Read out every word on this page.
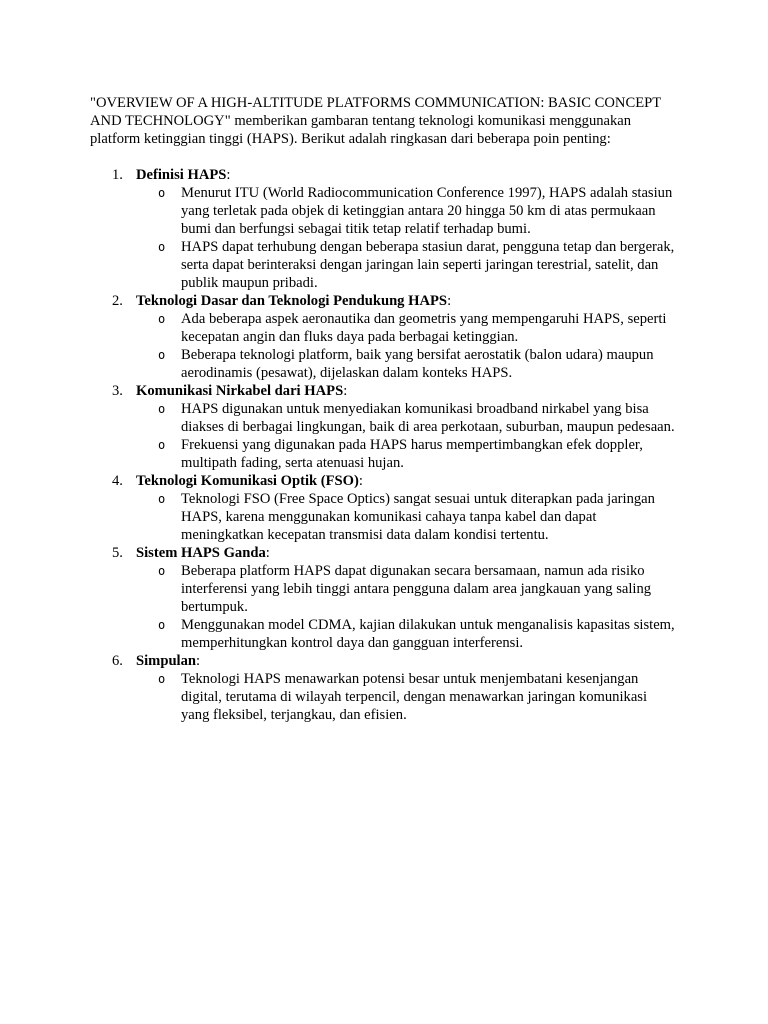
"OVERVIEW OF A HIGH-ALTITUDE PLATFORMS COMMUNICATION: BASIC CONCEPT AND TECHNOLOGY" memberikan gambaran tentang teknologi komunikasi menggunakan platform ketinggian tinggi (HAPS). Berikut adalah ringkasan dari beberapa poin penting:

1. Definisi HAPS:
o Menurut ITU (World Radiocommunication Conference 1997), HAPS adalah stasiun yang terletak pada objek di ketinggian antara 20 hingga 50 km di atas permukaan bumi dan berfungsi sebagai titik tetap relatif terhadap bumi.
o HAPS dapat terhubung dengan beberapa stasiun darat, pengguna tetap dan bergerak, serta dapat berinteraksi dengan jaringan lain seperti jaringan terestrial, satelit, dan publik maupun pribadi.
2. Teknologi Dasar dan Teknologi Pendukung HAPS:
o Ada beberapa aspek aeronautika dan geometris yang mempengaruhi HAPS, seperti kecepatan angin dan fluks daya pada berbagai ketinggian.
o Beberapa teknologi platform, baik yang bersifat aerostatik (balon udara) maupun aerodinamis (pesawat), dijelaskan dalam konteks HAPS.
3. Komunikasi Nirkabel dari HAPS:
o HAPS digunakan untuk menyediakan komunikasi broadband nirkabel yang bisa diakses di berbagai lingkungan, baik di area perkotaan, suburban, maupun pedesaan.
o Frekuensi yang digunakan pada HAPS harus mempertimbangkan efek doppler, multipath fading, serta atenuasi hujan.
4. Teknologi Komunikasi Optik (FSO):
o Teknologi FSO (Free Space Optics) sangat sesuai untuk diterapkan pada jaringan HAPS, karena menggunakan komunikasi cahaya tanpa kabel dan dapat meningkatkan kecepatan transmisi data dalam kondisi tertentu.
5. Sistem HAPS Ganda:
o Beberapa platform HAPS dapat digunakan secara bersamaan, namun ada risiko interferensi yang lebih tinggi antara pengguna dalam area jangkauan yang saling bertumpuk.
o Menggunakan model CDMA, kajian dilakukan untuk menganalisis kapasitas sistem, memperhitungkan kontrol daya dan gangguan interferensi.
6. Simpulan:
o Teknologi HAPS menawarkan potensi besar untuk menjembatani kesenjangan digital, terutama di wilayah terpencil, dengan menawarkan jaringan komunikasi yang fleksibel, terjangkau, dan efisien.
